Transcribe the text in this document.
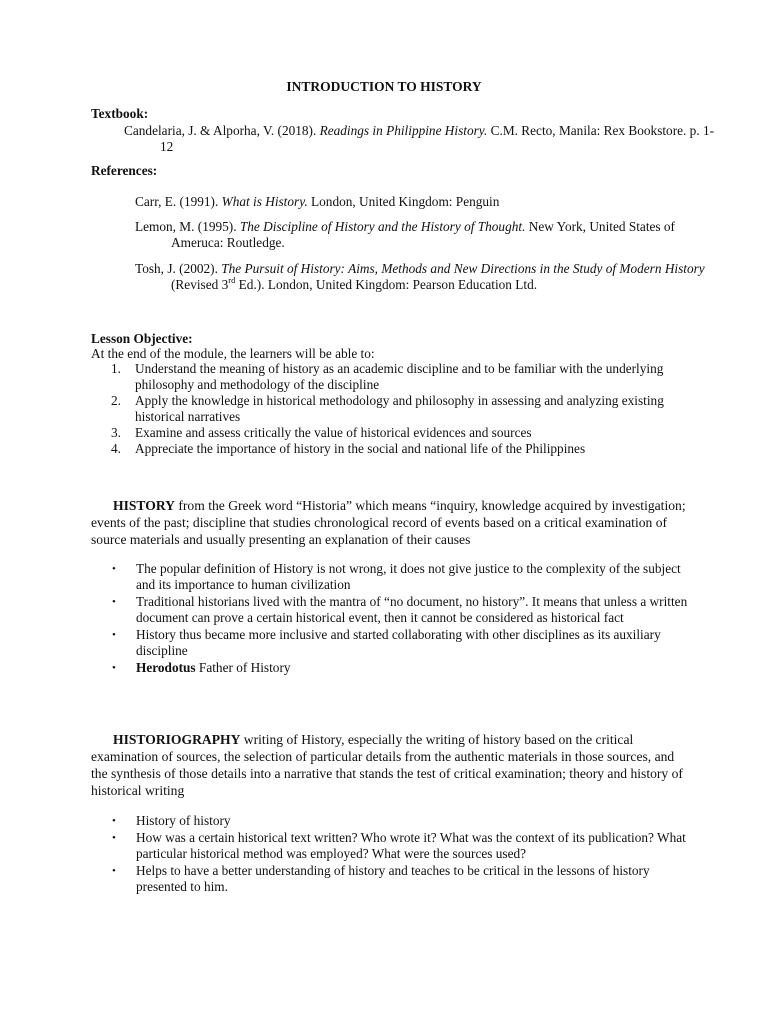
INTRODUCTION TO HISTORY
Textbook:
Candelaria, J. & Alporha, V. (2018). Readings in Philippine History. C.M. Recto, Manila: Rex Bookstore. p. 1-12
References:
Carr, E. (1991). What is History. London, United Kingdom: Penguin
Lemon, M. (1995). The Discipline of History and the History of Thought. New York, United States of Ameruca: Routledge.
Tosh, J. (2002). The Pursuit of History: Aims, Methods and New Directions in the Study of Modern History (Revised 3rd Ed.). London, United Kingdom: Pearson Education Ltd.
Lesson Objective:
At the end of the module, the learners will be able to:
1. Understand the meaning of history as an academic discipline and to be familiar with the underlying philosophy and methodology of the discipline
2. Apply the knowledge in historical methodology and philosophy in assessing and analyzing existing historical narratives
3. Examine and assess critically the value of historical evidences and sources
4. Appreciate the importance of history in the social and national life of the Philippines
HISTORY from the Greek word “Historia” which means “inquiry, knowledge acquired by investigation; events of the past; discipline that studies chronological record of events based on a critical examination of source materials and usually presenting an explanation of their causes
• The popular definition of History is not wrong, it does not give justice to the complexity of the subject and its importance to human civilization
• Traditional historians lived with the mantra of “no document, no history”. It means that unless a written document can prove a certain historical event, then it cannot be considered as historical fact
• History thus became more inclusive and started collaborating with other disciplines as its auxiliary discipline
• Herodotus Father of History
HISTORIOGRAPHY writing of History, especially the writing of history based on the critical examination of sources, the selection of particular details from the authentic materials in those sources, and the synthesis of those details into a narrative that stands the test of critical examination; theory and history of historical writing
• History of history
• How was a certain historical text written? Who wrote it? What was the context of its publication? What particular historical method was employed? What were the sources used?
• Helps to have a better understanding of history and teaches to be critical in the lessons of history presented to him.
